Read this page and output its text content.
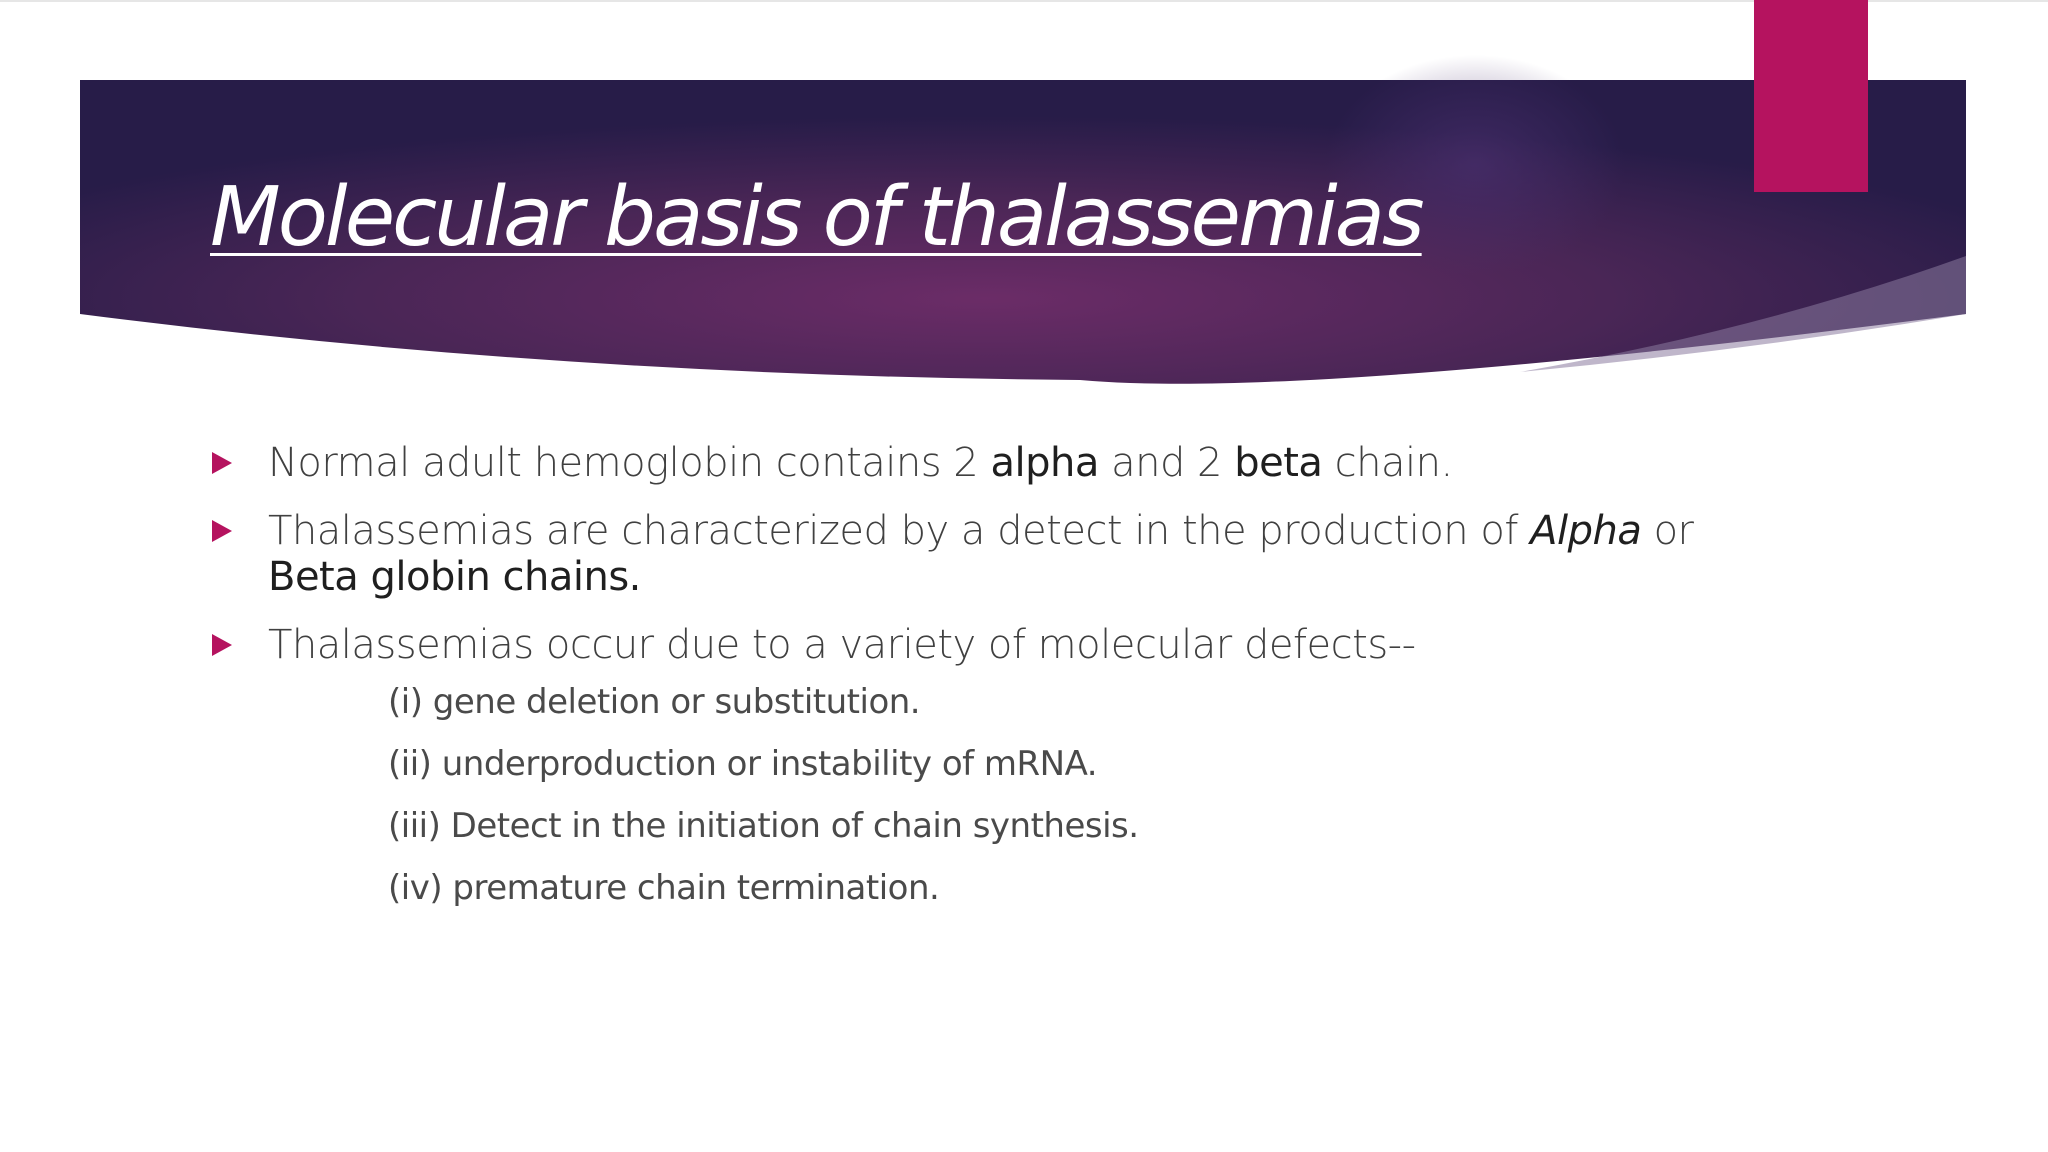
Molecular basis of thalassemias
Normal adult hemoglobin contains 2 alpha and 2 beta chain.
Thalassemias are characterized by a detect in the production of Alpha or Beta globin chains.
Thalassemias occur due to a variety of molecular defects--
(i) gene deletion or substitution.
(ii) underproduction or instability of mRNA.
(iii) Detect in the initiation of chain synthesis.
(iv) premature chain termination.
